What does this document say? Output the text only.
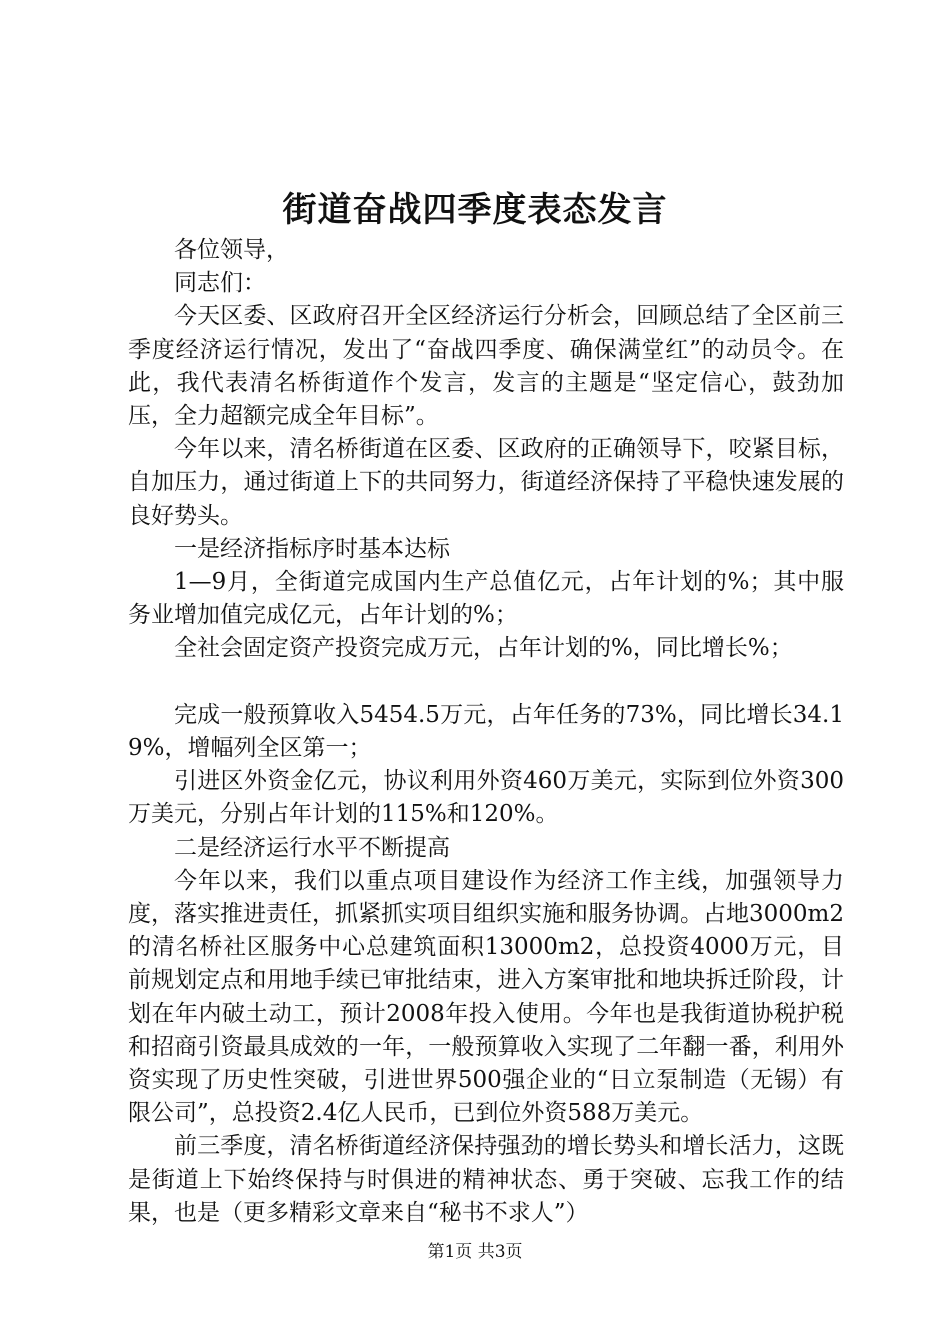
街道奋战四季度表态发言

各位领导，

同志们：

今天区委、区政府召开全区经济运行分析会，回顾总结了全区前三季度经济运行情况，发出了“奋战四季度、确保满堂红”的动员令。在此，我代表清名桥街道作个发言，发言的主题是“坚定信心，鼓劲加压，全力超额完成全年目标”。

今年以来，清名桥街道在区委、区政府的正确领导下，咬紧目标，自加压力，通过街道上下的共同努力，街道经济保持了平稳快速发展的良好势头。

一是经济指标序时基本达标

1—9月，全街道完成国内生产总值亿元，占年计划的%；其中服务业增加值完成亿元，占年计划的%；

全社会固定资产投资完成万元，占年计划的%，同比增长%；

完成一般预算收入5454.5万元，占年任务的73%，同比增长34.19%，增幅列全区第一；

引进区外资金亿元，协议利用外资460万美元，实际到位外资300万美元，分别占年计划的115%和120%。

二是经济运行水平不断提高

今年以来，我们以重点项目建设作为经济工作主线，加强领导力度，落实推进责任，抓紧抓实项目组织实施和服务协调。占地3000m2的清名桥社区服务中心总建筑面积13000m2，总投资4000万元，目前规划定点和用地手续已审批结束，进入方案审批和地块拆迁阶段，计划在年内破土动工，预计2008年投入使用。今年也是我街道协税护税和招商引资最具成效的一年，一般预算收入实现了二年翻一番，利用外资实现了历史性突破，引进世界500强企业的“日立泵制造（无锡）有限公司”，总投资2.4亿人民币，已到位外资588万美元。

前三季度，清名桥街道经济保持强劲的增长势头和增长活力，这既是街道上下始终保持与时俱进的精神状态、勇于突破、忘我工作的结果，也是（更多精彩文章来自“秘书不求人”）

第1页 共3页
